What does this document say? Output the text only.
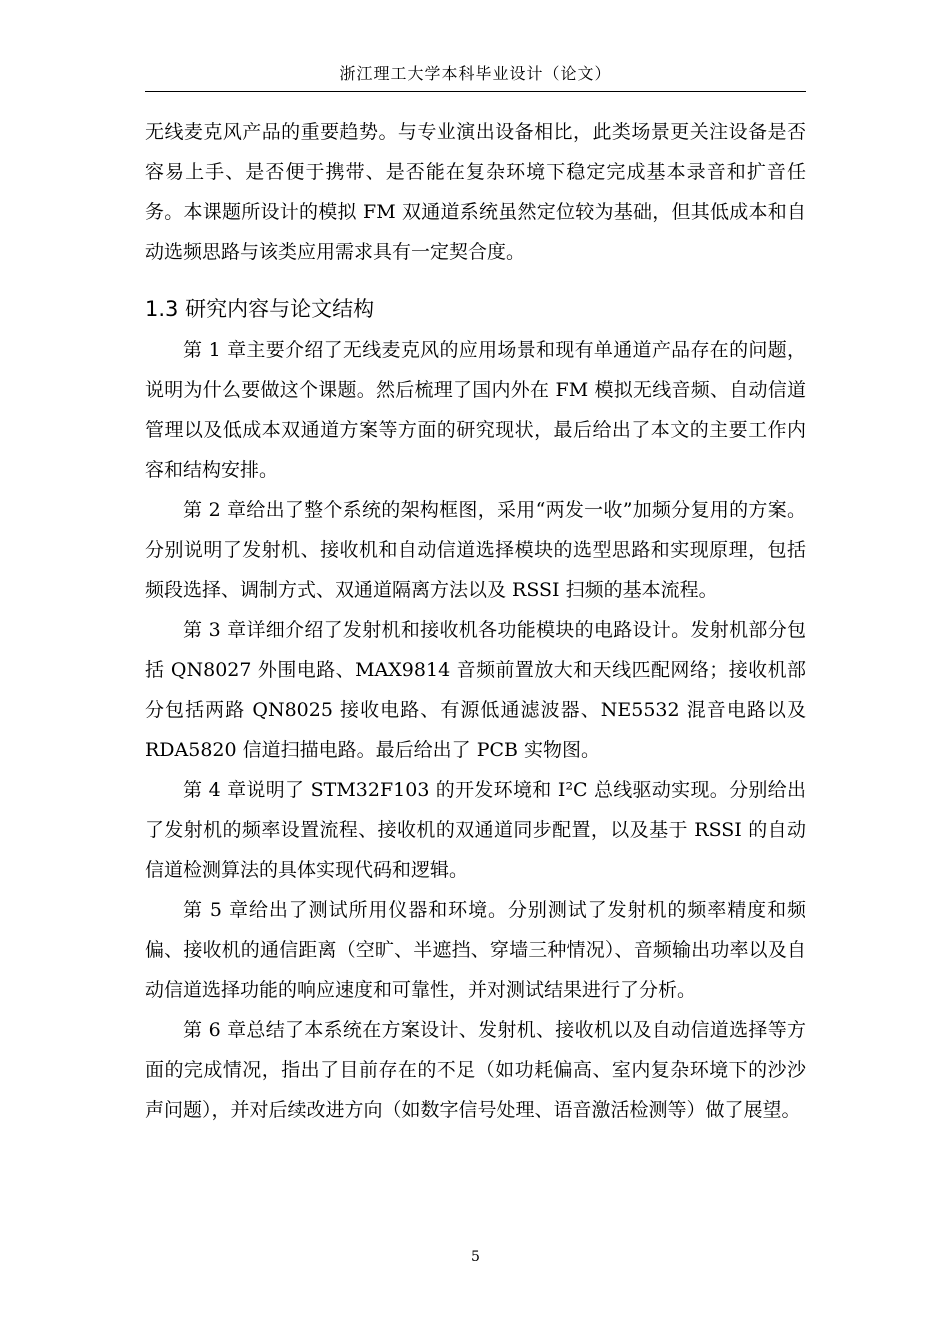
浙江理工大学本科毕业设计（论文）

无线麦克风产品的重要趋势。与专业演出设备相比，此类场景更关注设备是否容易上手、是否便于携带、是否能在复杂环境下稳定完成基本录音和扩音任务。本课题所设计的模拟 FM 双通道系统虽然定位较为基础，但其低成本和自动选频思路与该类应用需求具有一定契合度。

1.3 研究内容与论文结构

第 1 章主要介绍了无线麦克风的应用场景和现有单通道产品存在的问题，说明为什么要做这个课题。然后梳理了国内外在 FM 模拟无线音频、自动信道管理以及低成本双通道方案等方面的研究现状，最后给出了本文的主要工作内容和结构安排。

第 2 章给出了整个系统的架构框图，采用“两发一收”加频分复用的方案。分别说明了发射机、接收机和自动信道选择模块的选型思路和实现原理，包括频段选择、调制方式、双通道隔离方法以及 RSSI 扫频的基本流程。

第 3 章详细介绍了发射机和接收机各功能模块的电路设计。发射机部分包括 QN8027 外围电路、MAX9814 音频前置放大和天线匹配网络；接收机部分包括两路 QN8025 接收电路、有源低通滤波器、NE5532 混音电路以及 RDA5820 信道扫描电路。最后给出了 PCB 实物图。

第 4 章说明了 STM32F103 的开发环境和 I²C 总线驱动实现。分别给出了发射机的频率设置流程、接收机的双通道同步配置，以及基于 RSSI 的自动信道检测算法的具体实现代码和逻辑。

第 5 章给出了测试所用仪器和环境。分别测试了发射机的频率精度和频偏、接收机的通信距离（空旷、半遮挡、穿墙三种情况）、音频输出功率以及自动信道选择功能的响应速度和可靠性，并对测试结果进行了分析。

第 6 章总结了本系统在方案设计、发射机、接收机以及自动信道选择等方面的完成情况，指出了目前存在的不足（如功耗偏高、室内复杂环境下的沙沙声问题），并对后续改进方向（如数字信号处理、语音激活检测等）做了展望。

5
